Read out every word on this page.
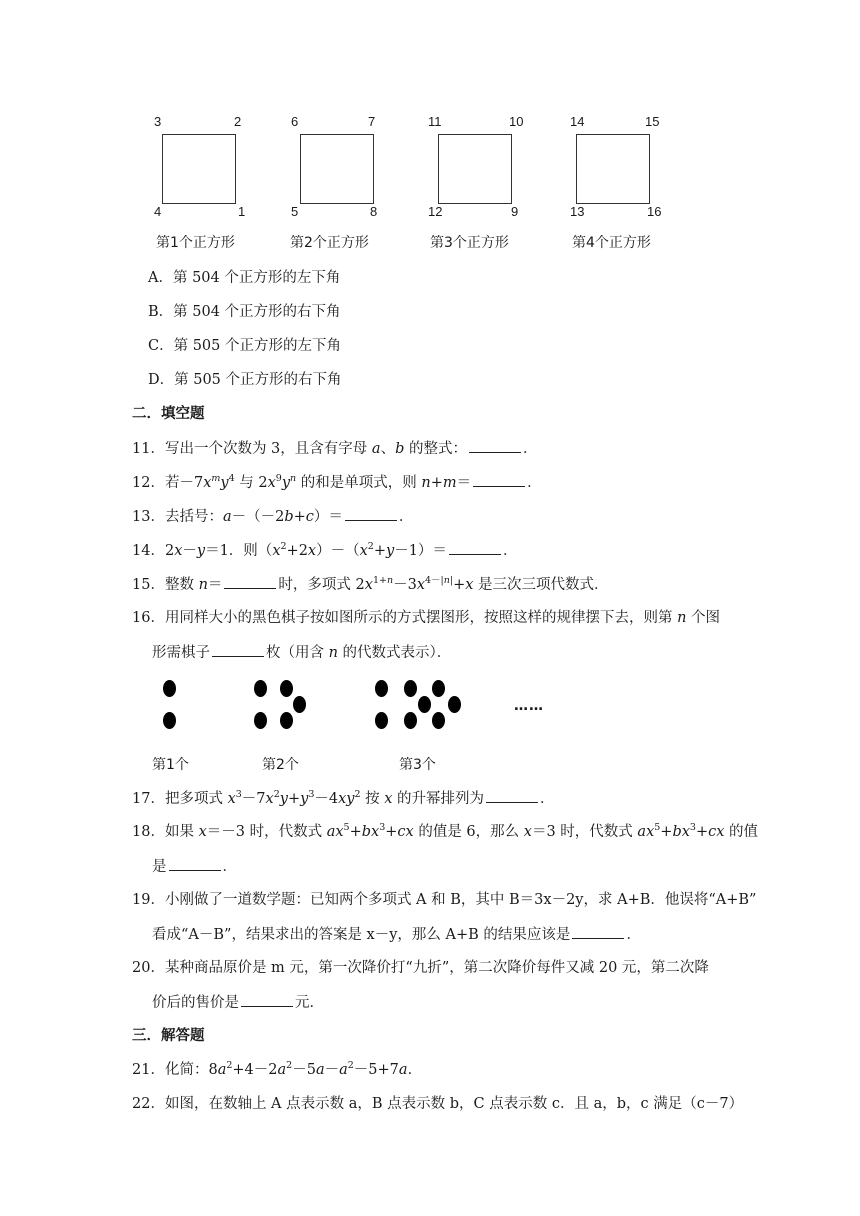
3	2
4	1
第1个正方形
6	7
5	8
第2个正方形
11	10
12	9
第3个正方形
14	15
13	16
第4个正方形
A．第 504 个正方形的左下角
B．第 504 个正方形的右下角
C．第 505 个正方形的左下角
D．第 505 个正方形的右下角
二．填空题
11．写出一个次数为 3，且含有字母 a、b 的整式：	．
12．若$-7x^my^4$ 与 $2x^9y^n$ 的和是单项式，则 n+m＝	．
13．去括号：a－（－2b+c）＝	．
14．2x－y＝1．则$(x^2+2x)-(x^2+y-1)=$	．
15．整数 n＝	时，多项式 $2x^{1+n}-3x^{4-|n|}+x$ 是三次三项代数式．
16．用同样大小的黑色棋子按如图所示的方式摆图形，按照这样的规律摆下去，则第 n 个图
形需棋子	枚（用含 n 的代数式表示）．
……
第1个	第2个	第3个
17．把多项式 $x^3-7x^2y+y^3-4xy^2$ 按 x 的升幂排列为	．
18．如果 x＝－3 时，代数式 $ax^5+bx^3+cx$ 的值是 6，那么 x＝3 时，代数式 $ax^5+bx^3+cx$ 的值
是	．
19．小刚做了一道数学题：已知两个多项式 A 和 B，其中 B＝3x－2y，求 A+B．他误将“A+B”
看成“A－B”，结果求出的答案是 x－y，那么 A+B 的结果应该是	．
20．某种商品原价是 m 元，第一次降价打“九折”，第二次降价每件又减 20 元，第二次降
价后的售价是	元．
三．解答题
21．化简：$8a^2+4-2a^2-5a-a^2-5+7a$．
22．如图，在数轴上 A 点表示数 a，B 点表示数 b，C 点表示数 c．且 a，b，c 满足（c－7）
